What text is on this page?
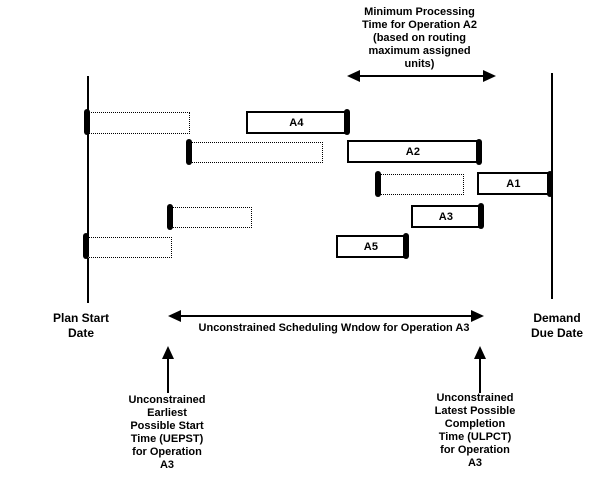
Minimum Processing
Time for Operation A2
(based on routing
maximum assigned
units)
A4
A2
A1
A3
A5
Plan Start
Date
Demand
Due Date
Unconstrained Scheduling Wndow for Operation A3
Unconstrained
Earliest
Possible Start
Time (UEPST)
for Operation
A3
Unconstrained
Latest Possible
Completion
Time (ULPCT)
for Operation
A3
